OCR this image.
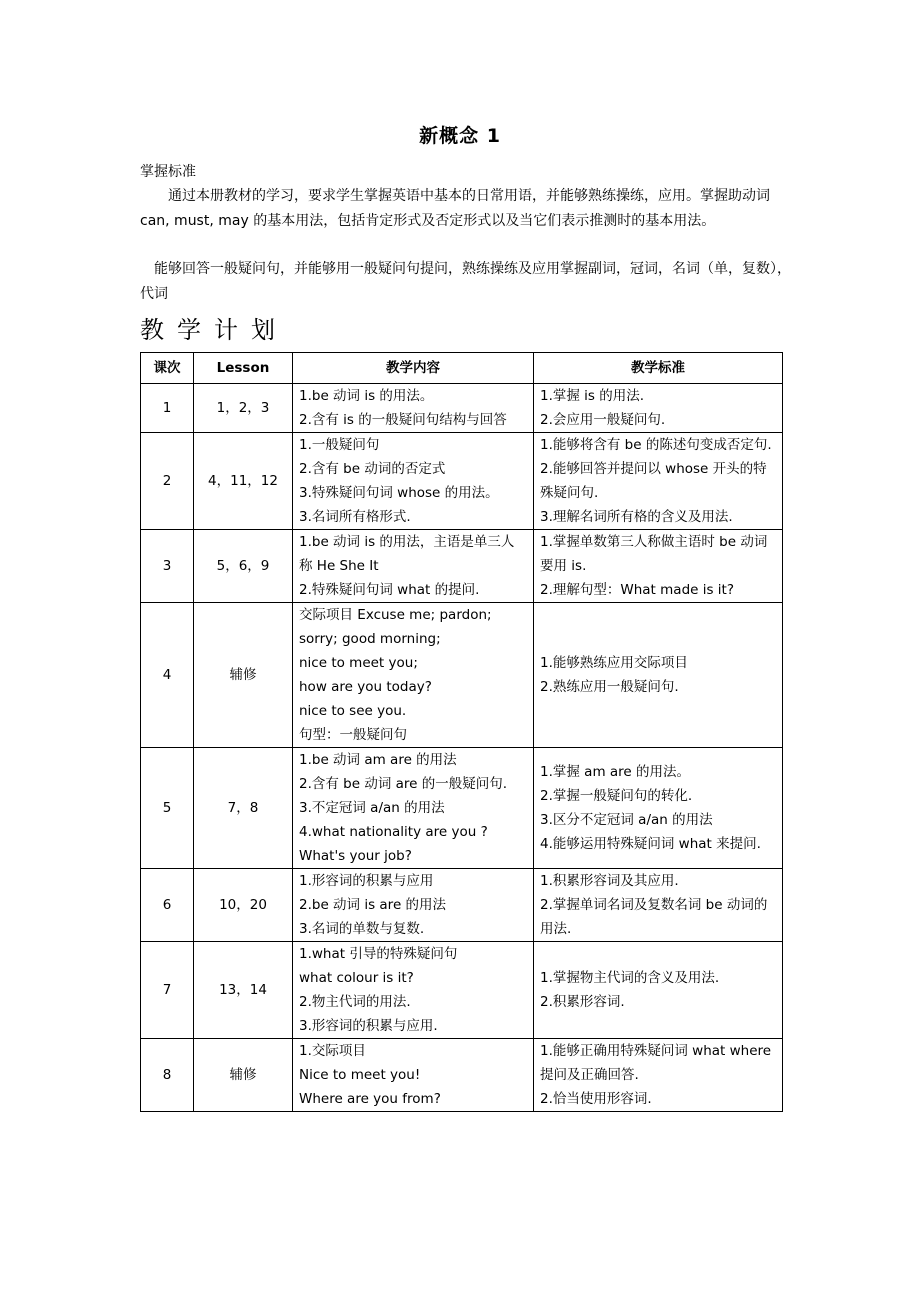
新概念 1
掌握标准
通过本册教材的学习，要求学生掌握英语中基本的日常用语，并能够熟练操练，应用。掌握助动词 can, must, may 的基本用法，包括肯定形式及否定形式以及当它们表示推测时的基本用法。
能够回答一般疑问句，并能够用一般疑问句提问，熟练操练及应用掌握副词，冠词，名词（单，复数），代词
教学计划
课次	Lesson	教学内容	教学标准
1	1，2，3	1.be 动词 is 的用法。
2.含有 is 的一般疑问句结构与回答	1.掌握 is 的用法.
2.会应用一般疑问句.

2	4，11，12	1.一般疑问句
2.含有 be 动词的否定式
3.特殊疑问句词 whose 的用法。
3.名词所有格形式.	1.能够将含有 be 的陈述句变成否定句.
2.能够回答并提问以 whose 开头的特殊疑问句.
3.理解名词所有格的含义及用法.

3	5，6，9	1.be 动词 is 的用法，主语是单三人称 He She It
2.特殊疑问句词 what 的提问.	1.掌握单数第三人称做主语时 be 动词要用 is.
2.理解句型：What made is it?

4	辅修	交际项目 Excuse me; pardon; sorry; good morning;
nice to meet you;
how are you today?
nice to see you.
句型：一般疑问句	1.能够熟练应用交际项目
2.熟练应用一般疑问句.

5	7，8	1.be 动词 am are 的用法
2.含有 be 动词 are 的一般疑问句.
3.不定冠词 a/an 的用法
4.what nationality are you ?
What's your job?	1.掌握 am are 的用法。
2.掌握一般疑问句的转化.
3.区分不定冠词 a/an 的用法
4.能够运用特殊疑问词 what 来提问.

6	10，20	1.形容词的积累与应用
2.be 动词 is are 的用法
3.名词的单数与复数.	1.积累形容词及其应用.
2.掌握单词名词及复数名词 be 动词的用法.

7	13，14	1.what 引导的特殊疑问句
what colour is it?
2.物主代词的用法.
3.形容词的积累与应用.	1.掌握物主代词的含义及用法.
2.积累形容词.

8	辅修	1.交际项目
Nice to meet you!
Where are you from?	1.能够正确用特殊疑问词 what where 提问及正确回答.
2.恰当使用形容词.
